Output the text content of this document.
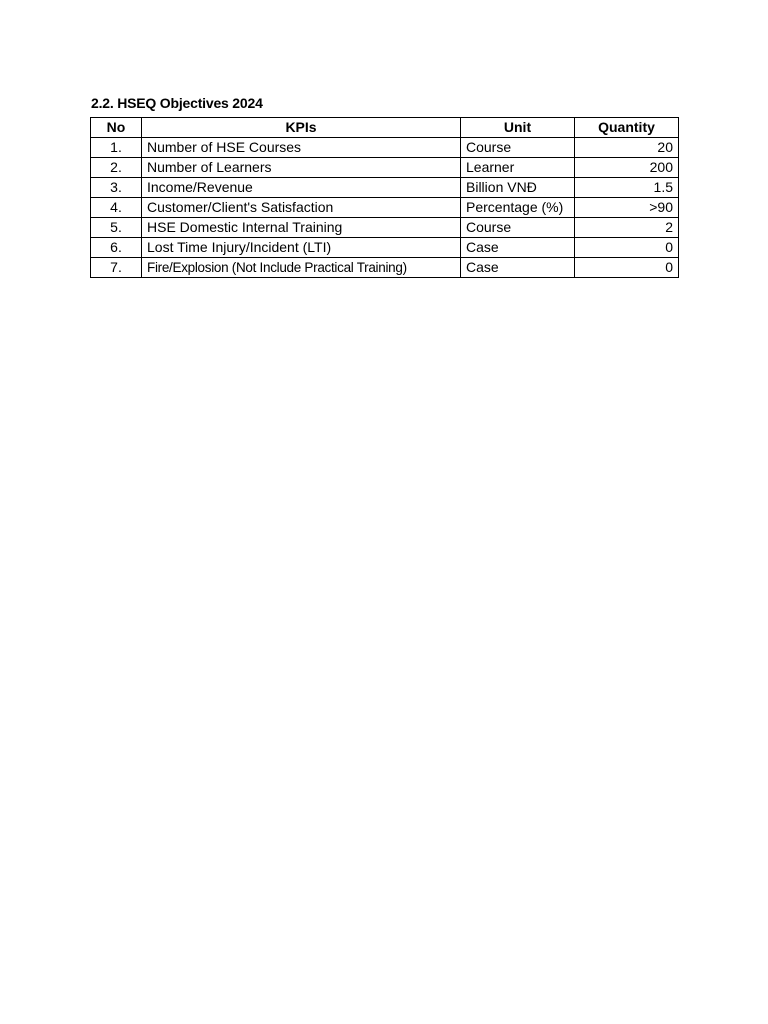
2.2. HSEQ Objectives 2024
No	KPIs	Unit	Quantity
1.	Number of HSE Courses	Course	20
2.	Number of Learners	Learner	200
3.	Income/Revenue	Billion VNĐ	1.5
4.	Customer/Client's Satisfaction	Percentage (%)	>90
5.	HSE Domestic Internal Training	Course	2
6.	Lost Time Injury/Incident (LTI)	Case	0
7.	Fire/Explosion (Not Include Practical Training)	Case	0
